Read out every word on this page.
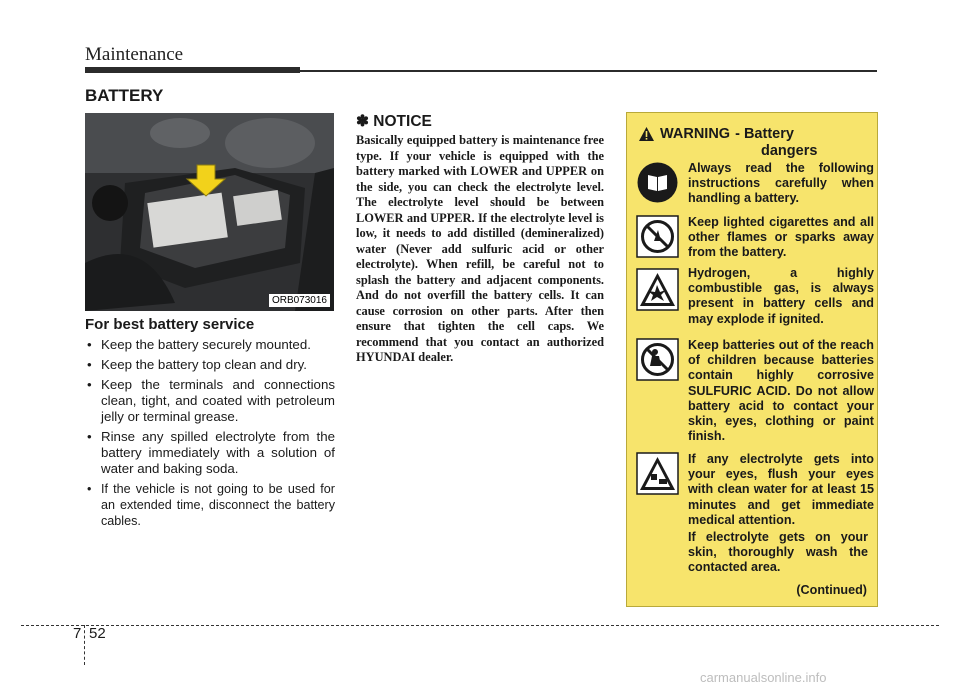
Maintenance
BATTERY
ORB073016
For best battery service
• Keep the battery securely mounted.
• Keep the battery top clean and dry.
• Keep the terminals and connections clean, tight, and coated with petroleum jelly or terminal grease.
• Rinse any spilled electrolyte from the battery immediately with a solution of water and baking soda.
• If the vehicle is not going to be used for an extended time, disconnect the battery cables.
✽ NOTICE
Basically equipped battery is maintenance free type. If your vehicle is equipped with the battery marked with LOWER and UPPER on the side, you can check the electrolyte level. The electrolyte level should be between LOWER and UPPER. If the electrolyte level is low, it needs to add distilled (demineralized) water (Never add sulfuric acid or other electrolyte). When refill, be careful not to splash the battery and adjacent components. And do not overfill the battery cells. It can cause corrosion on other parts. After then ensure that tighten the cell caps. We recommend that you contact an authorized HYUNDAI dealer.
WARNING - Battery
dangers
Always read the following instructions carefully when handling a battery.
Keep lighted cigarettes and all other flames or sparks away from the battery.
Hydrogen, a highly combustible gas, is always present in battery cells and may explode if ignited.
Keep batteries out of the reach of children because batteries contain highly corrosive SULFURIC ACID. Do not allow battery acid to contact your skin, eyes, clothing or paint finish.
If any electrolyte gets into your eyes, flush your eyes with clean water for at least 15 minutes and get immediate medical attention.
If electrolyte gets on your skin, thoroughly wash the contacted area.
(Continued)
7 52
carmanualsonline.info
